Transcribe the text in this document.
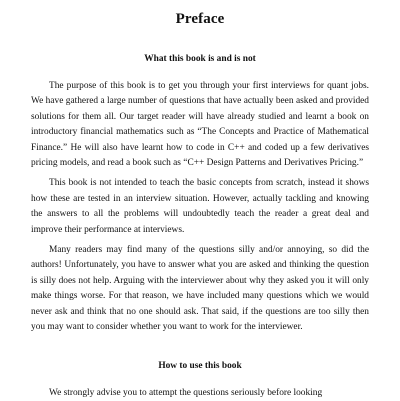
Preface
What this book is and is not

The purpose of this book is to get you through your first interviews for quant jobs. We have gathered a large number of questions that have actually been asked and provided solutions for them all. Our target reader will have already studied and learnt a book on introductory financial mathematics such as “The Concepts and Practice of Mathematical Finance.” He will also have learnt how to code in C++ and coded up a few derivatives pricing models, and read a book such as “C++ Design Patterns and Derivatives Pricing.”

This book is not intended to teach the basic concepts from scratch, instead it shows how these are tested in an interview situation. However, actually tackling and knowing the answers to all the problems will undoubtedly teach the reader a great deal and improve their performance at interviews.

Many readers may find many of the questions silly and/or annoying, so did the authors! Unfortunately, you have to answer what you are asked and thinking the question is silly does not help. Arguing with the interviewer about why they asked you it will only make things worse. For that reason, we have included many questions which we would never ask and think that no one should ask. That said, if the questions are too silly then you may want to consider whether you want to work for the interviewer.

How to use this book

We strongly advise you to attempt the questions seriously before looking
